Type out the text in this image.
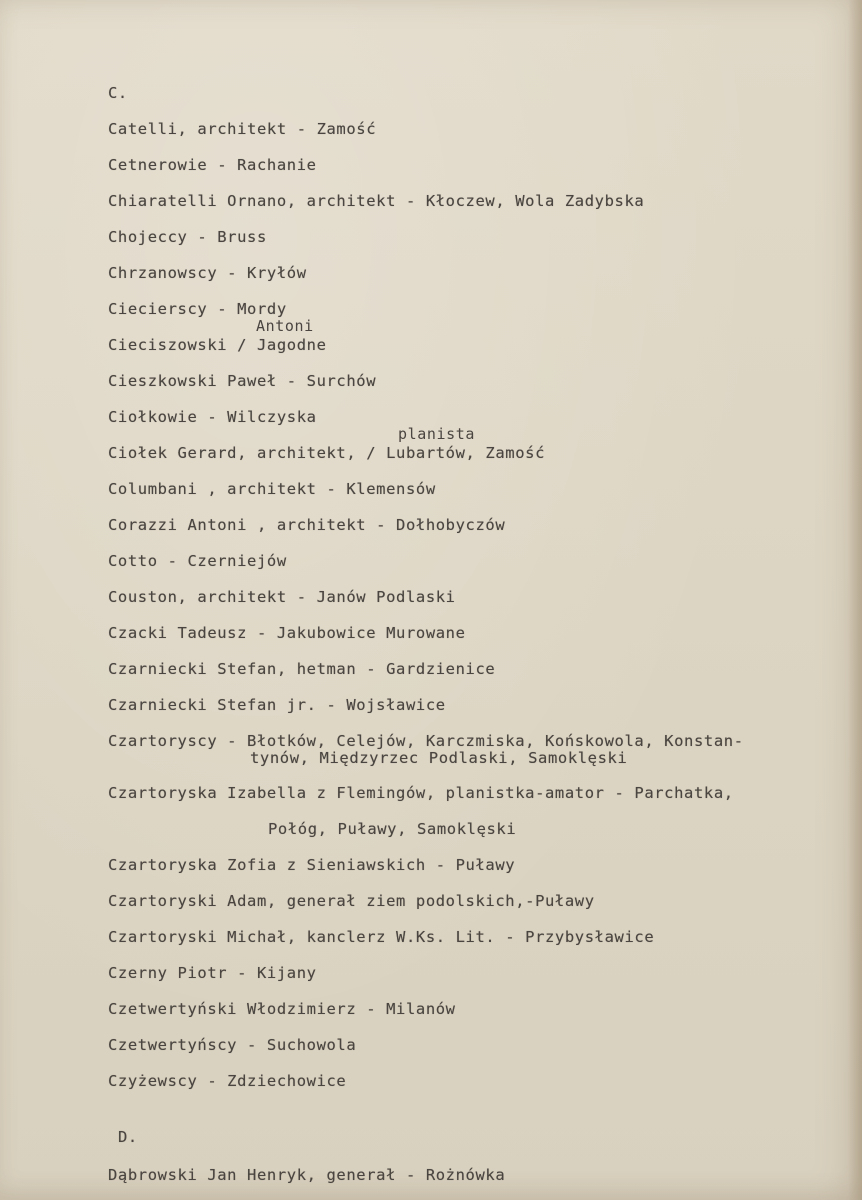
C.
Catelli, architekt - Zamość
Cetnerowie - Rachanie
Chiaratelli Ornano, architekt - Kłoczew, Wola Zadybska
Chojeccy - Bruss
Chrzanowscy - Kryłów
Ciecierscy - Mordy
Antoni
Cieciszowski / Jagodne
Cieszkowski Paweł - Surchów
Ciołkowie - Wilczyska
planista
Ciołek Gerard, architekt, / Lubartów, Zamość
Columbani , architekt - Klemensów
Corazzi Antoni , architekt - Dołhobyczów
Cotto - Czerniejów
Couston, architekt - Janów Podlaski
Czacki Tadeusz - Jakubowice Murowane
Czarniecki Stefan, hetman - Gardzienice
Czarniecki Stefan jr. - Wojsławice
Czartoryscy - Błotków, Celejów, Karczmiska, Końskowola, Konstan-
tynów, Międzyrzec Podlaski, Samoklęski
Czartoryska Izabella z Flemingów, planistka-amator - Parchatka,
Połóg, Puławy, Samoklęski
Czartoryska Zofia z Sieniawskich - Puławy
Czartoryski Adam, generał ziem podolskich,-Puławy
Czartoryski Michał, kanclerz W.Ks. Lit. - Przybysławice
Czerny Piotr - Kijany
Czetwertyński Włodzimierz - Milanów
Czetwertyńscy - Suchowola
Czyżewscy - Zdziechowice
D.
Dąbrowski Jan Henryk, generał - Rożnówka
